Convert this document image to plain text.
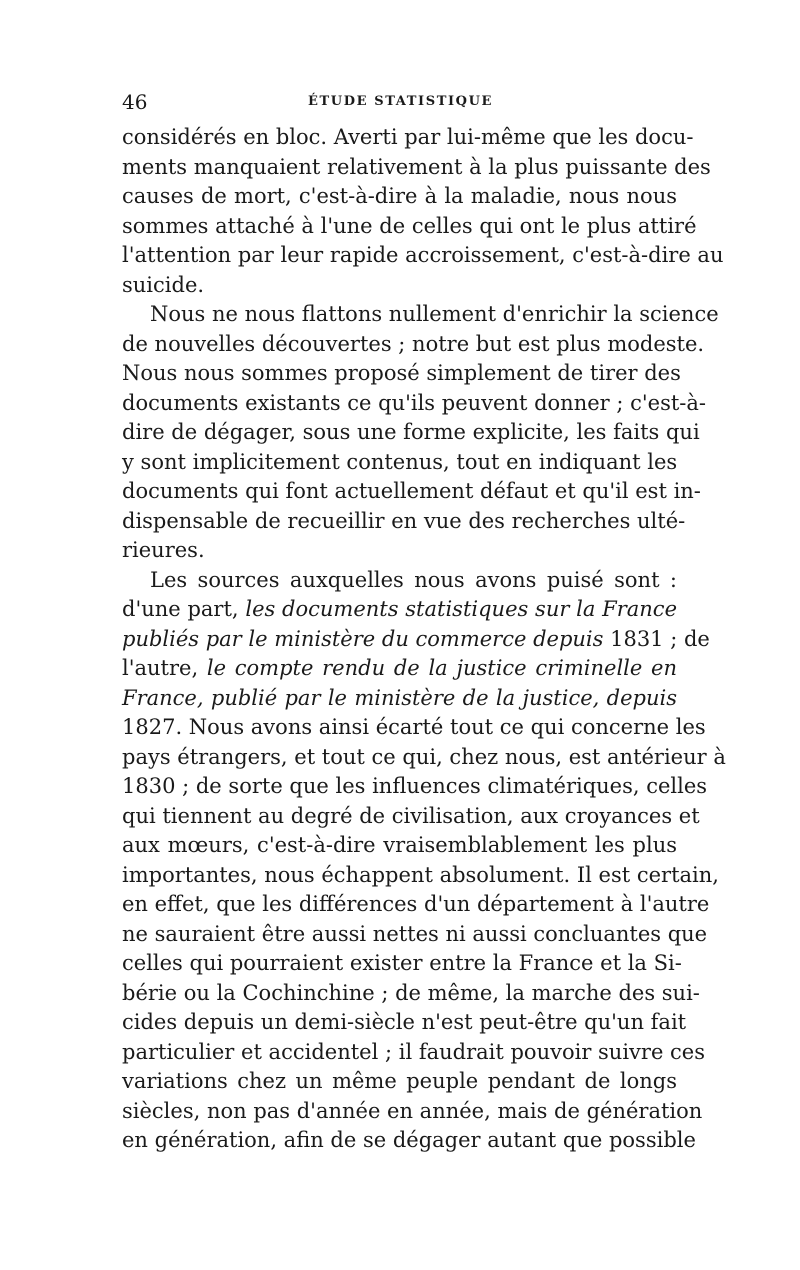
46	ÉTUDE STATISTIQUE
considérés en bloc. Averti par lui-même que les docu-
ments manquaient relativement à la plus puissante des
causes de mort, c'est-à-dire à la maladie, nous nous
sommes attaché à l'une de celles qui ont le plus attiré
l'attention par leur rapide accroissement, c'est-à-dire au
suicide.
Nous ne nous flattons nullement d'enrichir la science
de nouvelles découvertes ; notre but est plus modeste.
Nous nous sommes proposé simplement de tirer des
documents existants ce qu'ils peuvent donner ; c'est-à-
dire de dégager, sous une forme explicite, les faits qui
y sont implicitement contenus, tout en indiquant les
documents qui font actuellement défaut et qu'il est in-
dispensable de recueillir en vue des recherches ulté-
rieures.
Les sources auxquelles nous avons puisé sont :
d'une part, les documents statistiques sur la France
publiés par le ministère du commerce depuis 1831 ; de
l'autre, le compte rendu de la justice criminelle en
France, publié par le ministère de la justice, depuis
1827. Nous avons ainsi écarté tout ce qui concerne les
pays étrangers, et tout ce qui, chez nous, est antérieur à
1830 ; de sorte que les influences climatériques, celles
qui tiennent au degré de civilisation, aux croyances et
aux mœurs, c'est-à-dire vraisemblablement les plus
importantes, nous échappent absolument. Il est certain,
en effet, que les différences d'un département à l'autre
ne sauraient être aussi nettes ni aussi concluantes que
celles qui pourraient exister entre la France et la Si-
bérie ou la Cochinchine ; de même, la marche des sui-
cides depuis un demi-siècle n'est peut-être qu'un fait
particulier et accidentel ; il faudrait pouvoir suivre ces
variations chez un même peuple pendant de longs
siècles, non pas d'année en année, mais de génération
en génération, afin de se dégager autant que possible
